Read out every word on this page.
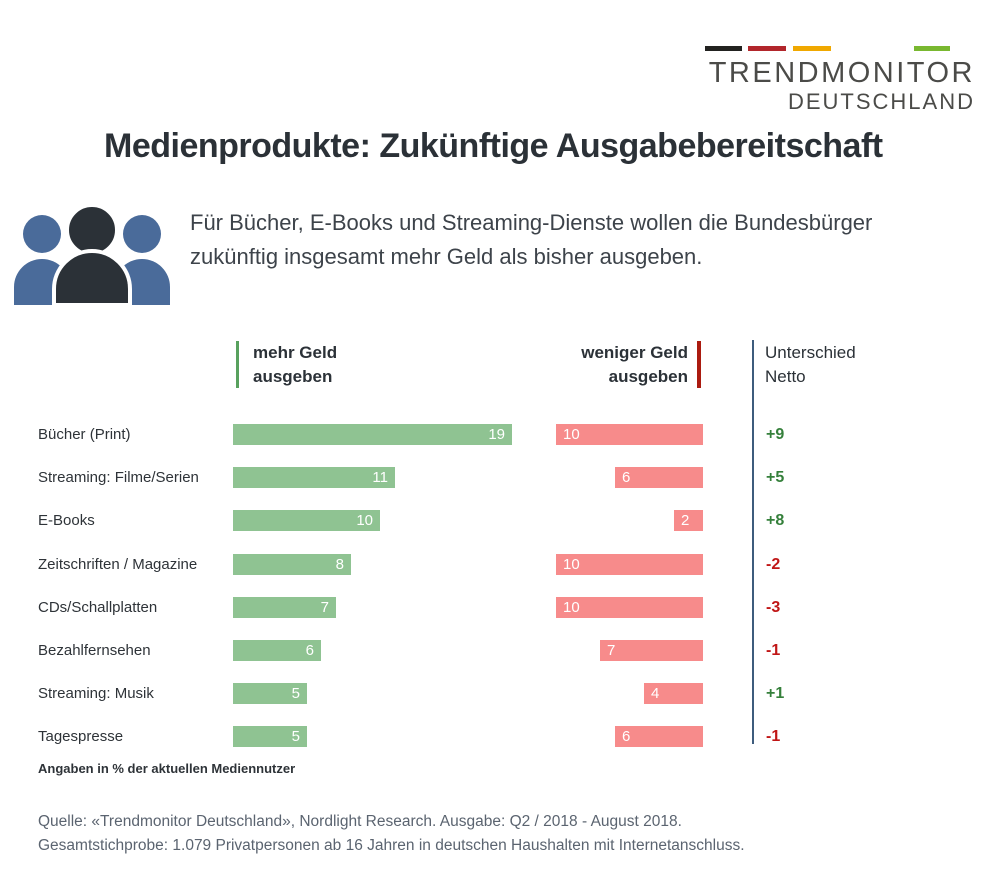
TRENDMONITOR
DEUTSCHLAND
Medienprodukte: Zukünftige Ausgabebereitschaft
Für Bücher, E-Books und Streaming-Dienste wollen die Bundesbürger zukünftig insgesamt mehr Geld als bisher ausgeben.
mehr Geld
ausgeben
weniger Geld
ausgeben
Unterschied
Netto
Bücher (Print)	19	10	+9
Streaming: Filme/Serien	11	6	+5
E-Books	10	2	+8
Zeitschriften / Magazine	8	10	-2
CDs/Schallplatten	7	10	-3
Bezahlfernsehen	6	7	-1
Streaming: Musik	5	4	+1
Tagespresse	5	6	-1
Angaben in % der aktuellen Mediennutzer
Quelle: «Trendmonitor Deutschland», Nordlight Research. Ausgabe: Q2 / 2018 - August 2018.
Gesamtstichprobe: 1.079 Privatpersonen ab 16 Jahren in deutschen Haushalten mit Internetanschluss.
